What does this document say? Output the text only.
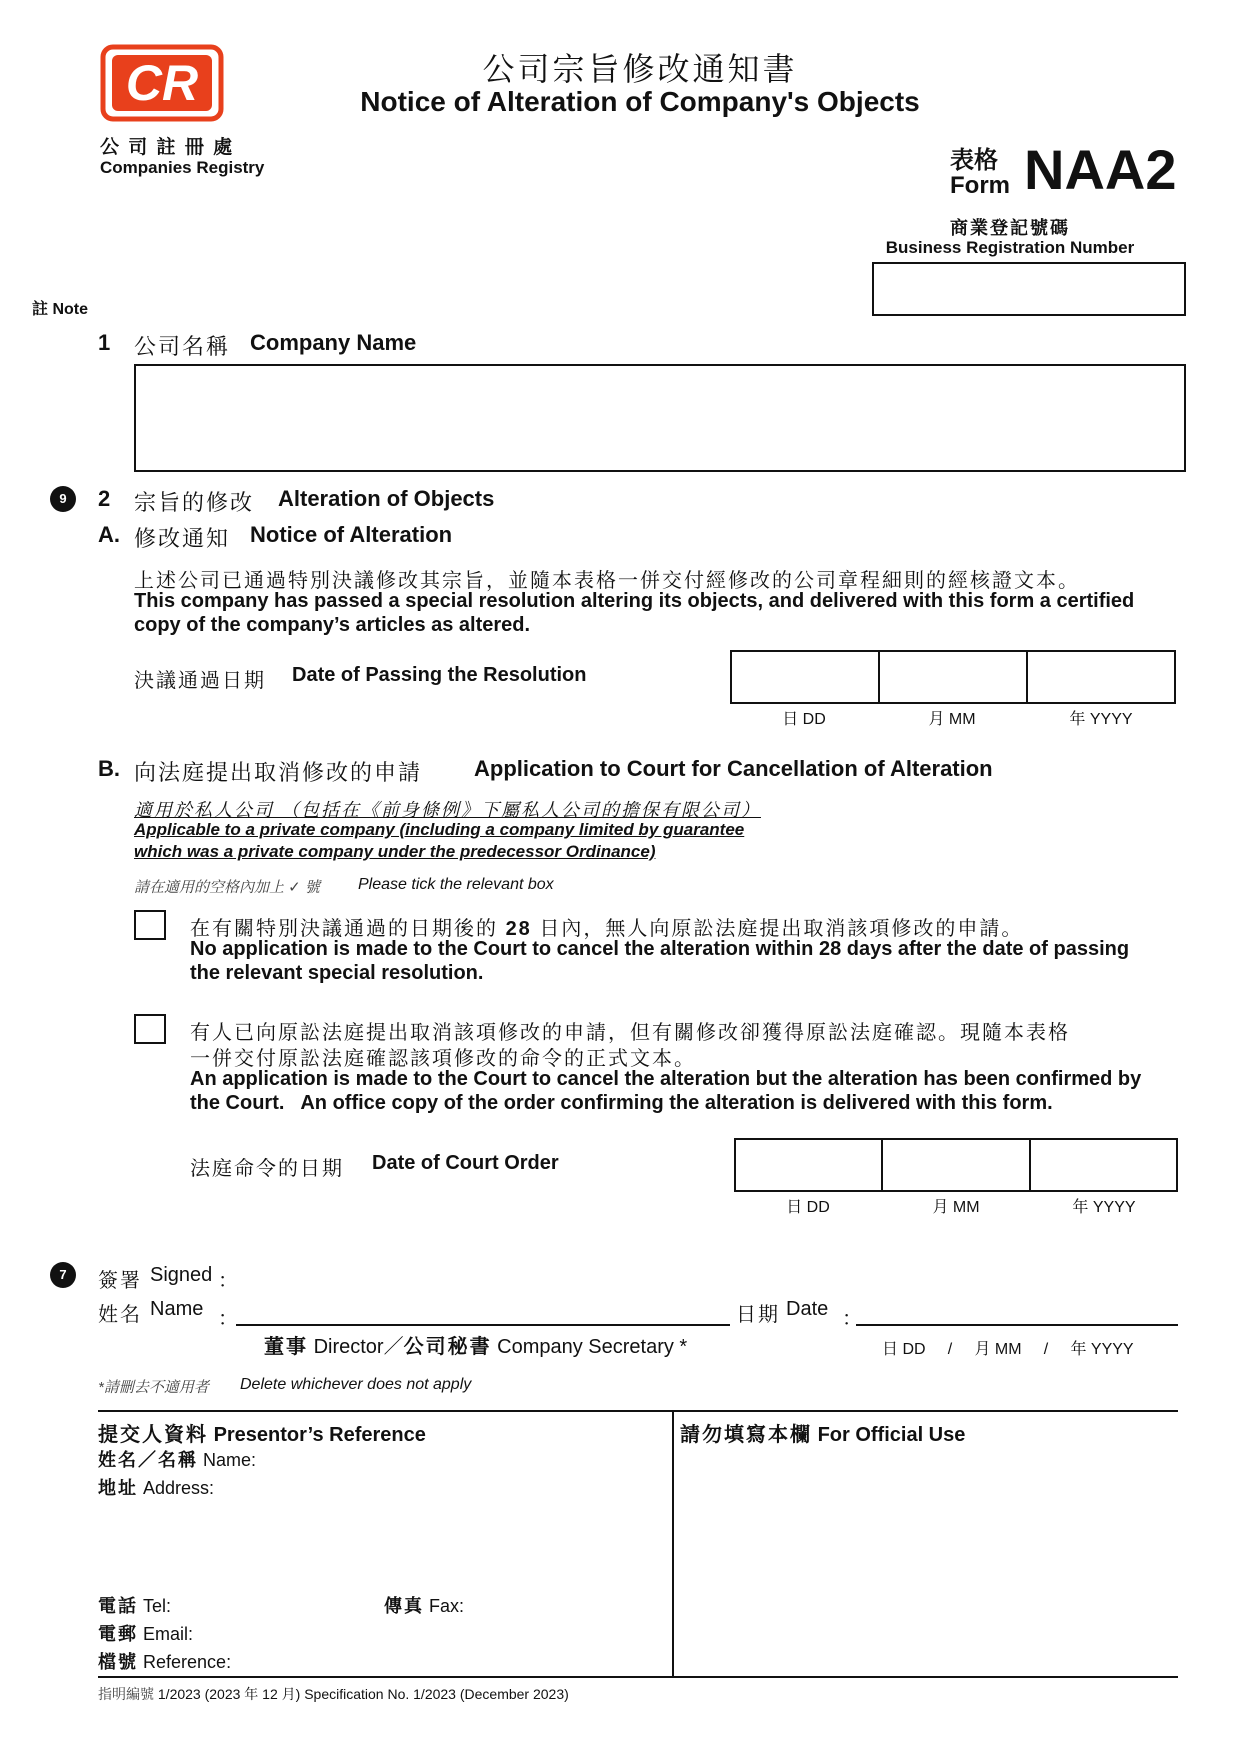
CR
公 司 註 冊 處
Companies Registry
公司宗旨修改通知書
Notice of Alteration of Company's Objects
表格
Form NAA2
商業登記號碼
Business Registration Number
註 Note
1 公司名稱 Company Name
9	2 宗旨的修改 Alteration of Objects
A. 修改通知 Notice of Alteration
上述公司已通過特別決議修改其宗旨，並隨本表格一併交付經修改的公司章程細則的經核證文本。
This company has passed a special resolution altering its objects, and delivered with this form a certified
copy of the company’s articles as altered.
決議通過日期 Date of Passing the Resolution
日 DD	月 MM	年 YYYY
B. 向法庭提出取消修改的申請 Application to Court for Cancellation of Alteration
適用於私人公司 （包括在《前身條例》下屬私人公司的擔保有限公司）
Applicable to a private company (including a company limited by guarantee
which was a private company under the predecessor Ordinance)
請在適用的空格內加上 ✓ 號 Please tick the relevant box
在有關特別決議通過的日期後的 28 日內，無人向原訟法庭提出取消該項修改的申請。
No application is made to the Court to cancel the alteration within 28 days after the date of passing
the relevant special resolution.
有人已向原訟法庭提出取消該項修改的申請，但有關修改卻獲得原訟法庭確認。現隨本表格
一併交付原訟法庭確認該項修改的命令的正式文本。
An application is made to the Court to cancel the alteration but the alteration has been confirmed by
the Court.   An office copy of the order confirming the alteration is delivered with this form.
法庭命令的日期 Date of Court Order
日 DD	月 MM	年 YYYY
7	簽署 Signed ：
姓名 Name ：	日期 Date ：
董事 Director／公司秘書 Company Secretary *	日 DD     /     月 MM     /     年 YYYY
*請刪去不適用者 Delete whichever does not apply
提交人資料 Presentor’s Reference
姓名／名稱 Name:
地址 Address:
電話 Tel:	傳真 Fax:
電郵 Email:
檔號 Reference:
請勿填寫本欄 For Official Use
指明編號 1/2023 (2023 年 12 月) Specification No. 1/2023 (December 2023)
